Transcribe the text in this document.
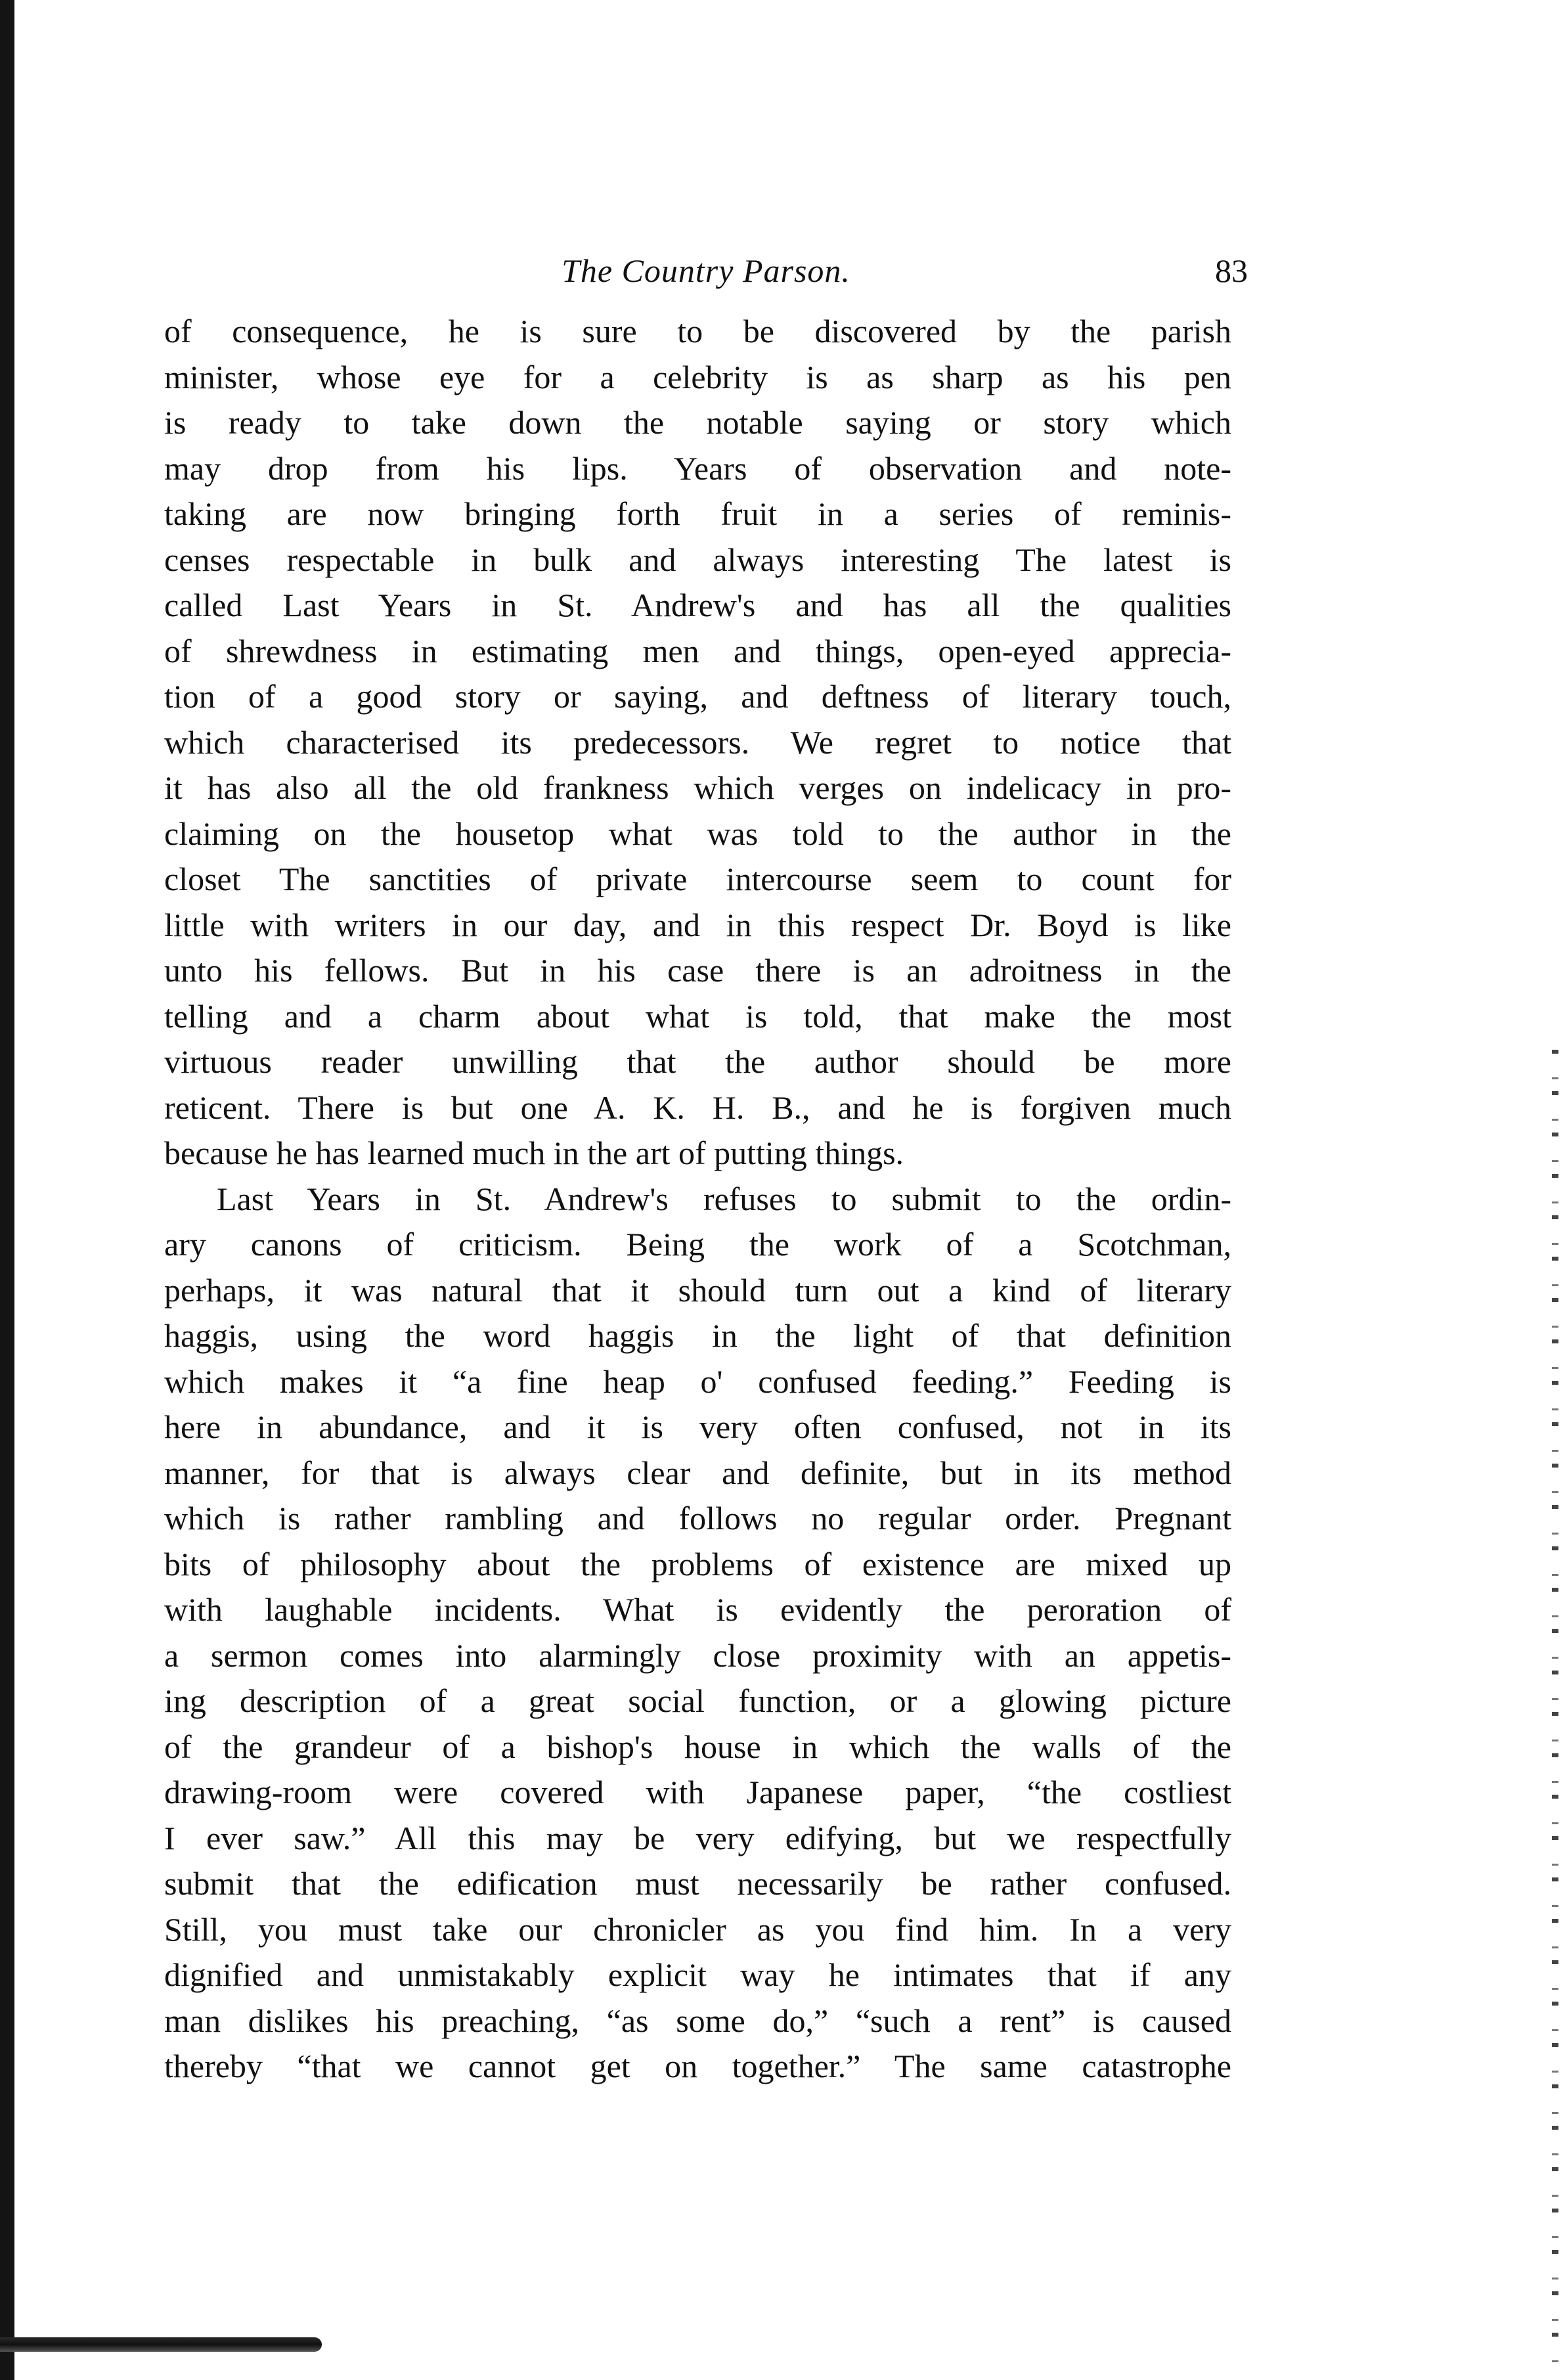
The Country Parson.	83
of consequence, he is sure to be discovered by the parish
minister, whose eye for a celebrity is as sharp as his pen
is ready to take down the notable saying or story which
may drop from his lips. Years of observation and note-
taking are now bringing forth fruit in a series of reminis-
censes respectable in bulk and always interesting The latest is
called Last Years in St. Andrew's and has all the qualities
of shrewdness in estimating men and things, open-eyed apprecia-
tion of a good story or saying, and deftness of literary touch,
which characterised its predecessors. We regret to notice that
it has also all the old frankness which verges on indelicacy in pro-
claiming on the housetop what was told to the author in the
closet The sanctities of private intercourse seem to count for
little with writers in our day, and in this respect Dr. Boyd is like
unto his fellows. But in his case there is an adroitness in the
telling and a charm about what is told, that make the most
virtuous reader unwilling that the author should be more
reticent. There is but one A. K. H. B., and he is forgiven much
because he has learned much in the art of putting things.
Last Years in St. Andrew's refuses to submit to the ordin-
ary canons of criticism. Being the work of a Scotchman,
perhaps, it was natural that it should turn out a kind of literary
haggis, using the word haggis in the light of that definition
which makes it “a fine heap o' confused feeding.” Feeding is
here in abundance, and it is very often confused, not in its
manner, for that is always clear and definite, but in its method
which is rather rambling and follows no regular order. Pregnant
bits of philosophy about the problems of existence are mixed up
with laughable incidents. What is evidently the peroration of
a sermon comes into alarmingly close proximity with an appetis-
ing description of a great social function, or a glowing picture
of the grandeur of a bishop's house in which the walls of the
drawing-room were covered with Japanese paper, “the costliest
I ever saw.” All this may be very edifying, but we respectfully
submit that the edification must necessarily be rather confused.
Still, you must take our chronicler as you find him. In a very
dignified and unmistakably explicit way he intimates that if any
man dislikes his preaching, “as some do,” “such a rent” is caused
thereby “that we cannot get on together.” The same catastrophe
